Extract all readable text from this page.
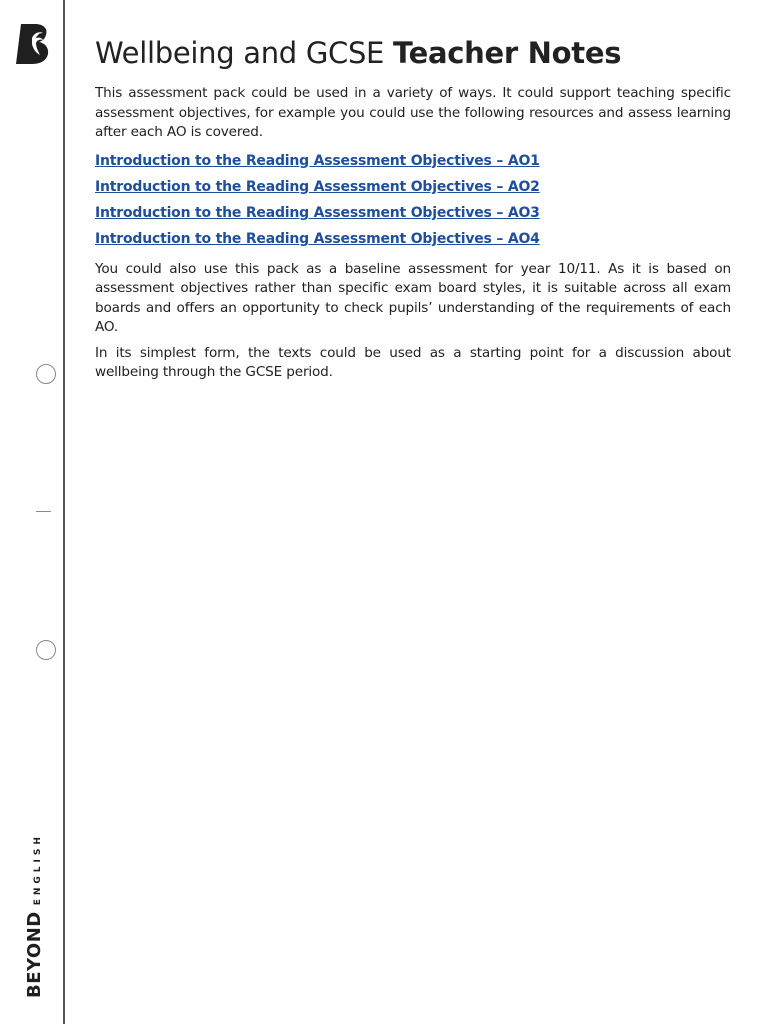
BEYOND
ENGLISH
Wellbeing and GCSE Teacher Notes

This assessment pack could be used in a variety of ways. It could support teaching specific assessment objectives, for example you could use the following resources and assess learning after each AO is covered.

Introduction to the Reading Assessment Objectives – AO1
Introduction to the Reading Assessment Objectives – AO2
Introduction to the Reading Assessment Objectives – AO3
Introduction to the Reading Assessment Objectives – AO4

You could also use this pack as a baseline assessment for year 10/11. As it is based on assessment objectives rather than specific exam board styles, it is suitable across all exam boards and offers an opportunity to check pupils’ understanding of the requirements of each AO.

In its simplest form, the texts could be used as a starting point for a discussion about wellbeing through the GCSE period.
